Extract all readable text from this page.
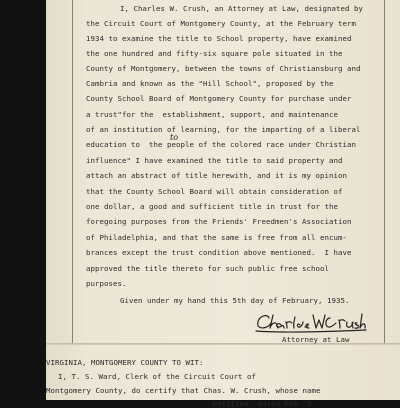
I, Charles W. Crush, an Attorney at Law, designated by
the Circuit Court of Montgomery County, at the February term
1934 to examine the title to School property, have examined
the one hundred and fifty-six square pole situated in the
County of Montgomery, between the towns of Christiansburg and
Cambria and known as the "Hill School", proposed by the
County School Board of Montgomery County for purchase under
a trust"for the  establishment, support, and maintenance
of an institution of learning, for the imparting of a liberal
to
education to  the people of the colored race under Christian
influence" I have examined the title to said property and
attach an abstract of title herewith, and it is my opinion
that the County School Board will obtain consideration of
one dollar, a good and sufficient title in trust for the
foregoing purposes from the Friends' Freedmen's Association
of Philadelphia, and that the same is free from all encum-
brances except the trust condition above mentioned.  I have
approved the title thereto for such public free school
purposes.
Given under my hand this 5th day of February, 1935.
Charles W. Crush
Attorney at Law
VIRGINIA, MONTGOMERY COUNTY TO WIT:
I, T. S. Ward, Clerk of the Circuit Court of
Montgomery County, do certify that Chas. W. Crush, whose name
petition, dated Feb. 5
